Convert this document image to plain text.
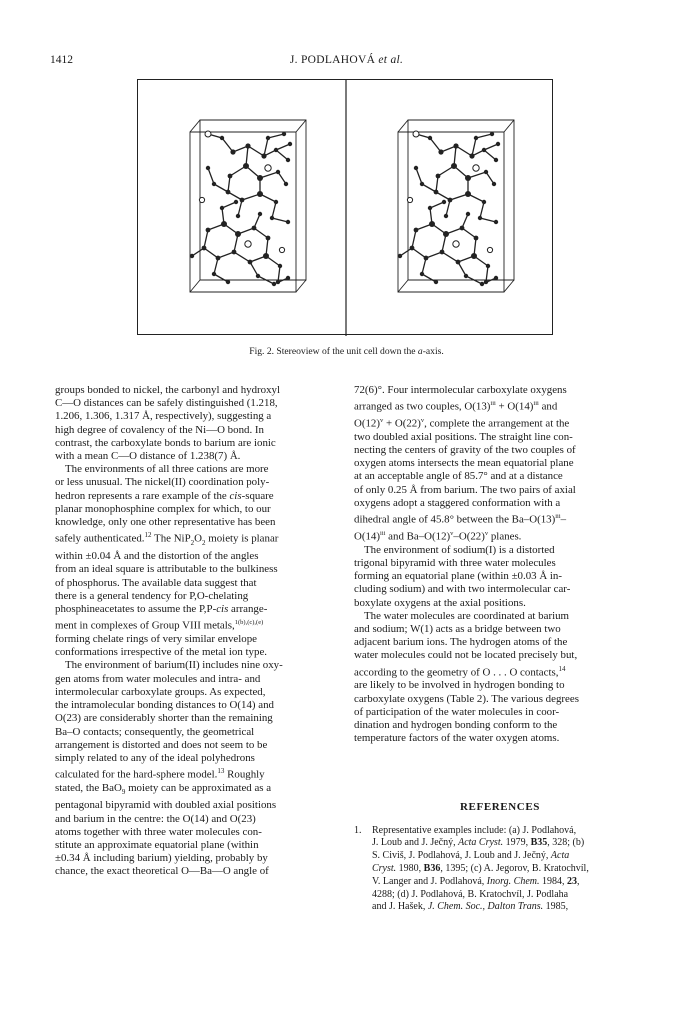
1412	J. PODLAHOVÁ et al.
Fig. 2. Stereoview of the unit cell down the a-axis.

groups bonded to nickel, the carbonyl and hydroxyl
C—O distances can be safely distinguished (1.218,
1.206, 1.306, 1.317 Å, respectively), suggesting a
high degree of covalency of the Ni—O bond. In
contrast, the carboxylate bonds to barium are ionic
with a mean C—O distance of 1.238(7) Å.

The environments of all three cations are more
or less unusual. The nickel(II) coordination poly-
hedron represents a rare example of the cis-square
planar monophosphine complex for which, to our
knowledge, only one other representative has been
safely authenticated.$^{12}$ The $NiP_2O_2$ moiety is planar
within ±0.04 Å and the distortion of the angles
from an ideal square is attributable to the bulkiness
of phosphorus. The available data suggest that
there is a general tendency for P,O-chelating
phosphineacetates to assume the P,P-cis arrange-
ment in complexes of Group VIII metals,$^{1(b),(c),(e)}$
forming chelate rings of very similar envelope
conformations irrespective of the metal ion type.

The environment of barium(II) includes nine oxy-
gen atoms from water molecules and intra- and
intermolecular carboxylate groups. As expected,
the intramolecular bonding distances to O(14) and
O(23) are considerably shorter than the remaining
Ba–O contacts; consequently, the geometrical
arrangement is distorted and does not seem to be
simply related to any of the ideal polyhedrons
calculated for the hard-sphere model.$^{13}$ Roughly
stated, the BaO$_9$ moiety can be approximated as a
pentagonal bipyramid with doubled axial positions
and barium in the centre: the O(14) and O(23)
atoms together with three water molecules con-
stitute an approximate equatorial plane (within
±0.34 Å including barium) yielding, probably by
chance, the exact theoretical O—Ba—O angle of

72(6)°. Four intermolecular carboxylate oxygens
arranged as two couples, $O(13)^{iii} + O(14)^{iii}$ and
$O(12)^v + O(22)^v$, complete the arrangement at the
two doubled axial positions. The straight line con-
necting the centers of gravity of the two couples of
oxygen atoms intersects the mean equatorial plane
at an acceptable angle of 85.7° and at a distance
of only 0.25 Å from barium. The two pairs of axial
oxygens adopt a staggered conformation with a
dihedral angle of 45.8° between the $Ba-O(13)^{iii}-$
$O(14)^{iii}$ and $Ba-O(12)^v-O(22)^v$ planes.

The environment of sodium(I) is a distorted
trigonal bipyramid with three water molecules
forming an equatorial plane (within ±0.03 Å in-
cluding sodium) and with two intermolecular car-
boxylate oxygens at the axial positions.

The water molecules are coordinated at barium
and sodium; W(1) acts as a bridge between two
adjacent barium ions. The hydrogen atoms of the
water molecules could not be located precisely but,
according to the geometry of O . . . O contacts,$^{14}$
are likely to be involved in hydrogen bonding to
carboxylate oxygens (Table 2). The various degrees
of participation of the water molecules in coor-
dination and hydrogen bonding conform to the
temperature factors of the water oxygen atoms.

REFERENCES
1.	Representative examples include: (a) J. Podlahová,
J. Loub and J. Ječný, Acta Cryst. 1979, B35, 328; (b)
S. Civiš, J. Podlahová, J. Loub and J. Ječný, Acta
Cryst. 1980, B36, 1395; (c) A. Jegorov, B. Kratochvíl,
V. Langer and J. Podlahová, Inorg. Chem. 1984, 23,
4288; (d) J. Podlahová, B. Kratochvíl, J. Podlaha
and J. Hašek, J. Chem. Soc., Dalton Trans. 1985,
